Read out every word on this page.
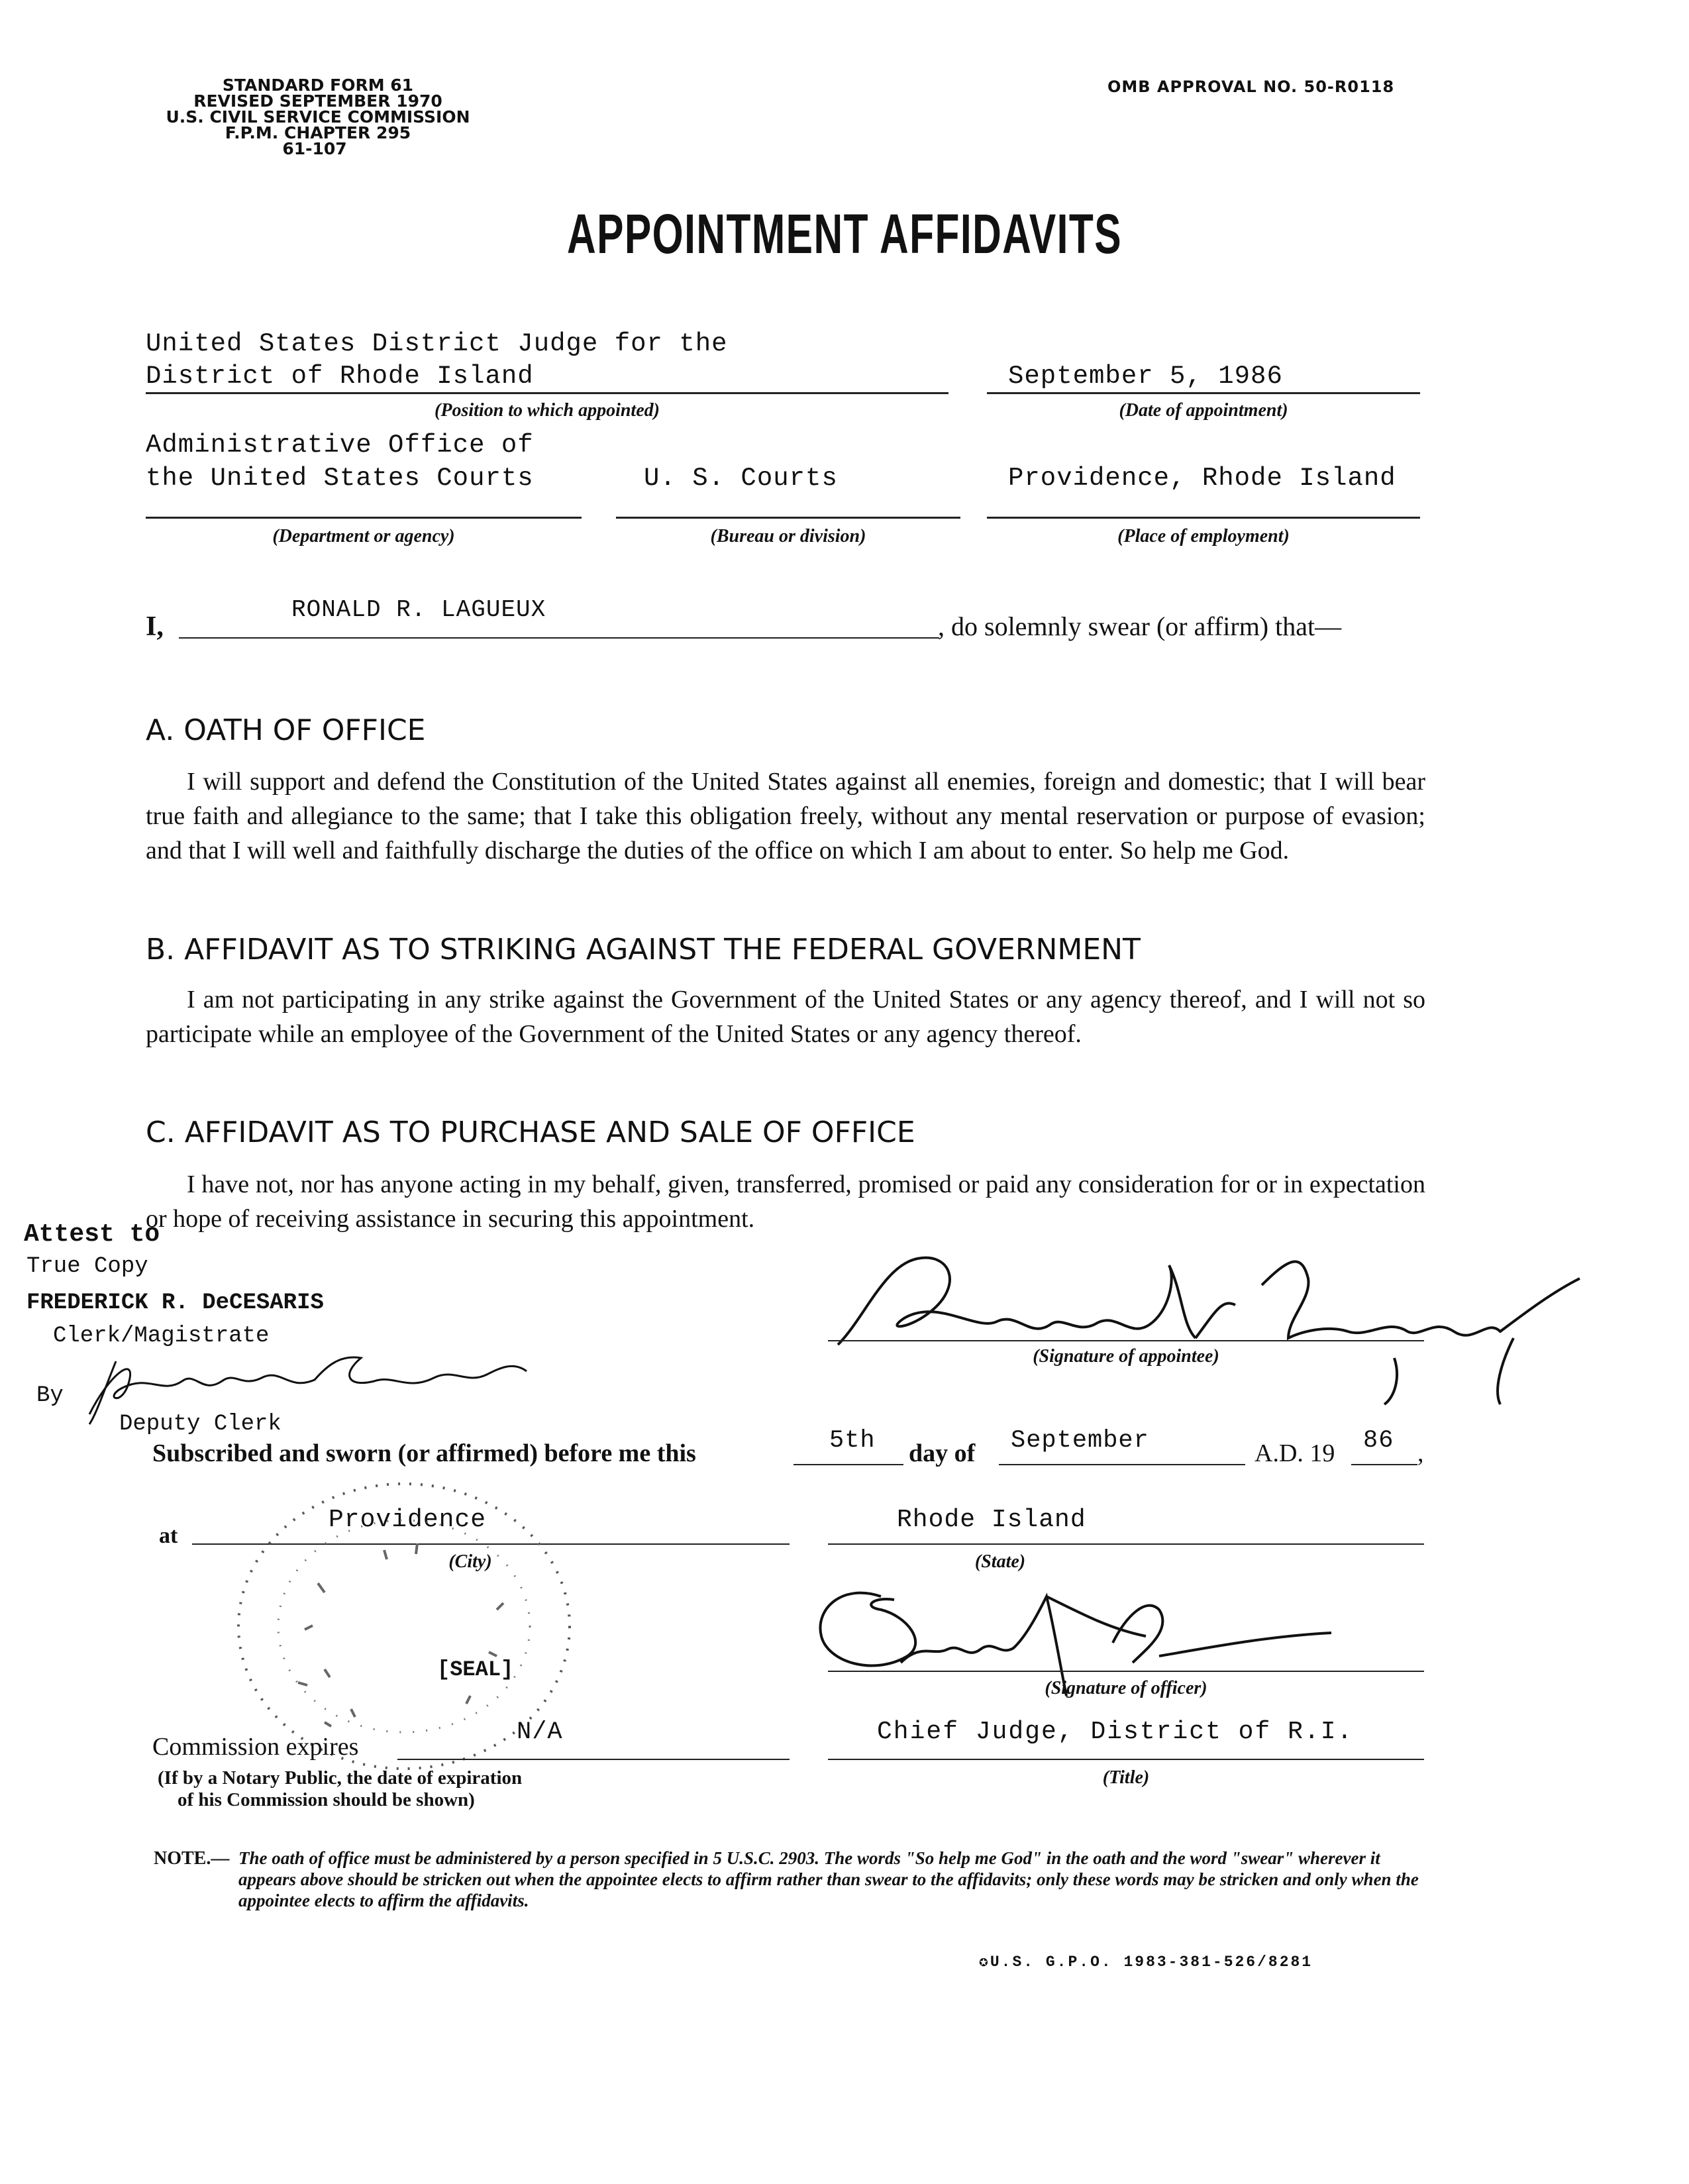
STANDARD FORM 61
REVISED SEPTEMBER 1970
U.S. CIVIL SERVICE COMMISSION
F.P.M. CHAPTER 295
61-107
OMB APPROVAL NO. 50-R0118
APPOINTMENT AFFIDAVITS
United States District Judge for the
District of Rhode Island
(Position to which appointed)
September 5, 1986
(Date of appointment)
Administrative Office of
the United States Courts
(Department or agency)
U. S. Courts
(Bureau or division)
Providence, Rhode Island
(Place of employment)
I,
RONALD R. LAGUEUX
, do solemnly swear (or affirm) that—
A. OATH OF OFFICE
I will support and defend the Constitution of the United States against all enemies, foreign and domestic; that I will bear true faith and allegiance to the same; that I take this obligation freely, without any mental reservation or purpose of evasion; and that I will well and faithfully discharge the duties of the office on which I am about to enter. So help me God.
B. AFFIDAVIT AS TO STRIKING AGAINST THE FEDERAL GOVERNMENT
I am not participating in any strike against the Government of the United States or any agency thereof, and I will not so participate while an employee of the Government of the United States or any agency thereof.
C. AFFIDAVIT AS TO PURCHASE AND SALE OF OFFICE
I have not, nor has anyone acting in my behalf, given, transferred, promised or paid any consideration for or in expectation or hope of receiving assistance in securing this appointment.
Attest to
True Copy
FREDERICK R. DeCESARIS
Clerk/Magistrate
By
Deputy Clerk
(Signature of appointee)
Subscribed and sworn (or affirmed) before me this	5th day of September	A.D. 19 86 ,
at
Providence
(City)
Rhode Island
(State)
[SEAL]
(Signature of officer)
Commission expires
N/A
(If by a Notary Public, the date of expiration
of his Commission should be shown)
Chief Judge, District of R.I.
(Title)
NOTE.— The oath of office must be administered by a person specified in 5 U.S.C. 2903. The words "So help me God" in the oath and the word "swear" wherever it appears above should be stricken out when the appointee elects to affirm rather than swear to the affidavits; only these words may be stricken and only when the appointee elects to affirm the affidavits.
✪U.S. G.P.O. 1983-381-526/8281
